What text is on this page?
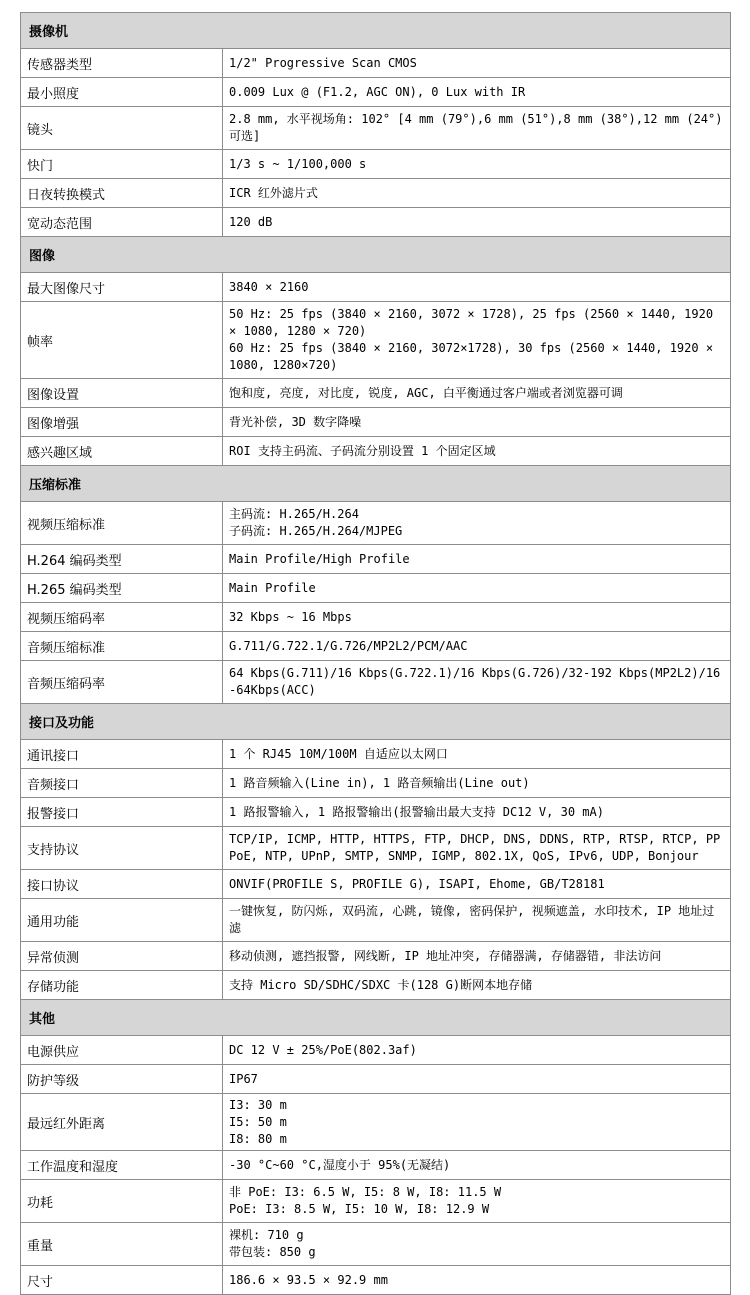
摄像机	
传感器类型	1/2" Progressive Scan CMOS

最小照度	0.009 Lux @ (F1.2, AGC ON), 0 Lux with IR

镜头	2.8 mm, 水平视场角: 102° [4 mm (79°),6 mm (51°),8 mm (38°),12 mm (24°)可选]

快门	1/3 s ~ 1/100,000 s

日夜转换模式	ICR 红外滤片式

宽动态范围	120 dB

图像	
最大图像尺寸	3840 × 2160

帧率	50 Hz: 25 fps (3840 × 2160, 3072 × 1728), 25 fps (2560 × 1440, 1920 × 1080, 1280 × 720)
60 Hz: 25 fps (3840 × 2160, 3072×1728), 30 fps (2560 × 1440, 1920 × 1080, 1280×720)

图像设置	饱和度, 亮度, 对比度, 锐度, AGC, 白平衡通过客户端或者浏览器可调

图像增强	背光补偿, 3D 数字降噪

感兴趣区域	ROI 支持主码流、子码流分别设置 1 个固定区域

压缩标准	
视频压缩标准	主码流: H.265/H.264
子码流: H.265/H.264/MJPEG

H.264 编码类型	Main Profile/High Profile

H.265 编码类型	Main Profile

视频压缩码率	32 Kbps ~ 16 Mbps

音频压缩标准	G.711/G.722.1/G.726/MP2L2/PCM/AAC

音频压缩码率	64 Kbps(G.711)/16 Kbps(G.722.1)/16 Kbps(G.726)/32-192 Kbps(MP2L2)/16-64Kbps(ACC)

接口及功能	
通讯接口	1 个 RJ45 10M/100M 自适应以太网口

音频接口	1 路音频输入(Line in), 1 路音频输出(Line out)

报警接口	1 路报警输入, 1 路报警输出(报警输出最大支持 DC12 V, 30 mA)

支持协议	TCP/IP, ICMP, HTTP, HTTPS, FTP, DHCP, DNS, DDNS, RTP, RTSP, RTCP, PPPoE, NTP, UPnP, SMTP, SNMP, IGMP, 802.1X, QoS, IPv6, UDP, Bonjour

接口协议	ONVIF(PROFILE S, PROFILE G), ISAPI, Ehome, GB/T28181

通用功能	一键恢复, 防闪烁, 双码流, 心跳, 镜像, 密码保护, 视频遮盖, 水印技术, IP 地址过滤

异常侦测	移动侦测, 遮挡报警, 网线断, IP 地址冲突, 存储器满, 存储器错, 非法访问

存储功能	支持 Micro SD/SDHC/SDXC 卡(128 G)断网本地存储

其他	
电源供应	DC 12 V ± 25%/PoE(802.3af)

防护等级	IP67

最远红外距离	I3: 30 m
I5: 50 m
I8: 80 m

工作温度和湿度	-30 °C~60 °C,湿度小于 95%(无凝结)

功耗	非 PoE: I3: 6.5 W, I5: 8 W, I8: 11.5 W
PoE: I3: 8.5 W, I5: 10 W, I8: 12.9 W

重量	裸机: 710 g
带包装: 850 g

尺寸	186.6 × 93.5 × 92.9 mm
